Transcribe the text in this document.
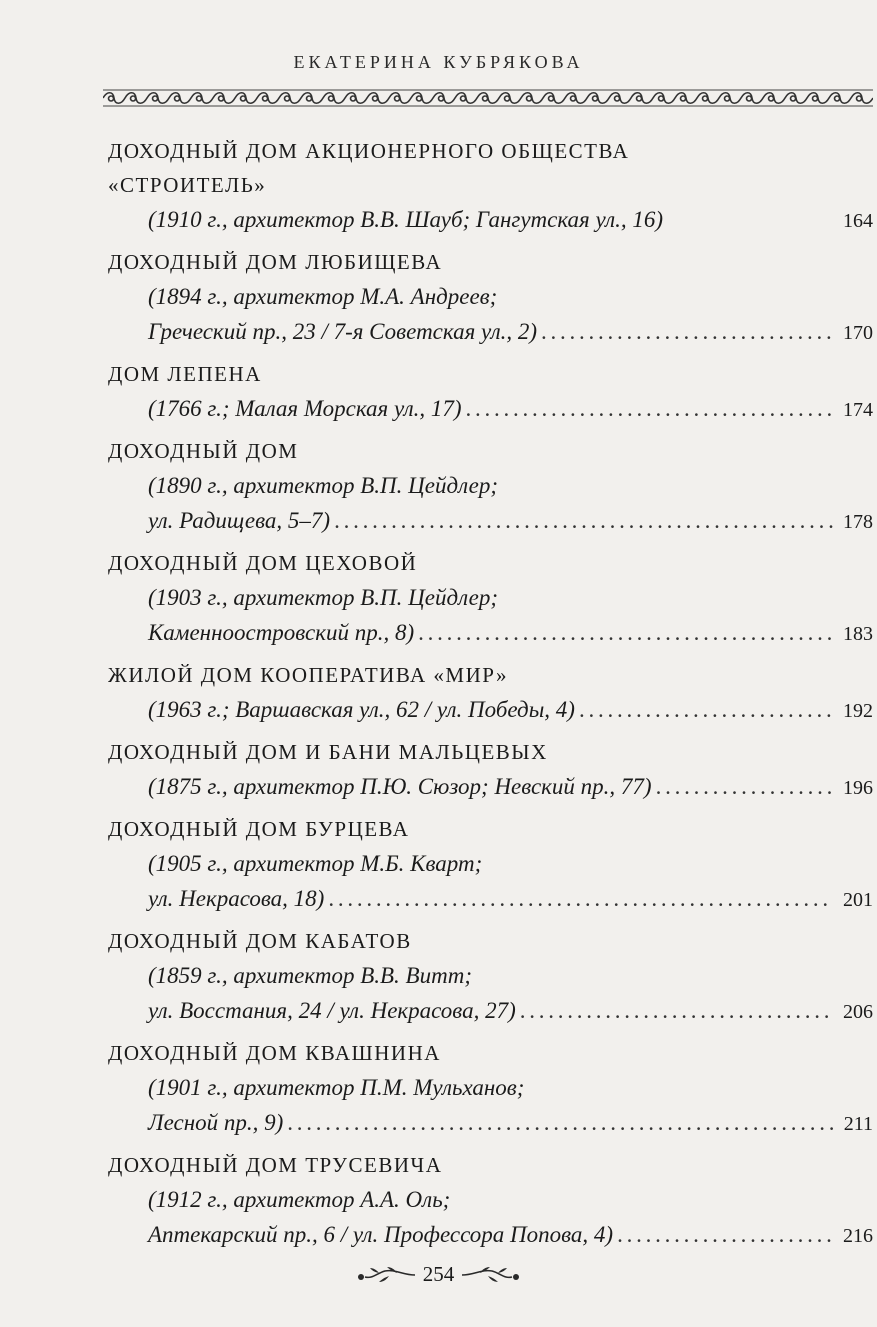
ЕКАТЕРИНА КУБРЯКОВА
ДОХОДНЫЙ ДОМ АКЦИОНЕРНОГО ОБЩЕСТВА
«СТРОИТЕЛЬ»
(1910 г., архитектор В.В. Шауб; Гангутская ул., 16)	164
ДОХОДНЫЙ ДОМ ЛЮБИЩЕВА
(1894 г., архитектор М.А. Андреев;
Греческий пр., 23 / 7-я Советская ул., 2) . . .	170
ДОМ ЛЕПЕНА
(1766 г.; Малая Морская ул., 17) . . .	174
ДОХОДНЫЙ ДОМ
(1890 г., архитектор В.П. Цейдлер;
ул. Радищева, 5–7) . . .	178
ДОХОДНЫЙ ДОМ ЦЕХОВОЙ
(1903 г., архитектор В.П. Цейдлер;
Каменноостровский пр., 8) . . .	183
ЖИЛОЙ ДОМ КООПЕРАТИВА «МИР»
(1963 г.; Варшавская ул., 62 / ул. Победы, 4) . . .	192
ДОХОДНЫЙ ДОМ И БАНИ МАЛЬЦЕВЫХ
(1875 г., архитектор П.Ю. Сюзор; Невский пр., 77) . . .	196
ДОХОДНЫЙ ДОМ БУРЦЕВА
(1905 г., архитектор М.Б. Кварт;
ул. Некрасова, 18) . . .	201
ДОХОДНЫЙ ДОМ КАБАТОВ
(1859 г., архитектор В.В. Витт;
ул. Восстания, 24 / ул. Некрасова, 27) . . .	206
ДОХОДНЫЙ ДОМ КВАШНИНА
(1901 г., архитектор П.М. Мульханов;
Лесной пр., 9) . . .	211
ДОХОДНЫЙ ДОМ ТРУСЕВИЧА
(1912 г., архитектор А.А. Оль;
Аптекарский пр., 6 / ул. Профессора Попова, 4) . . .	216
254
